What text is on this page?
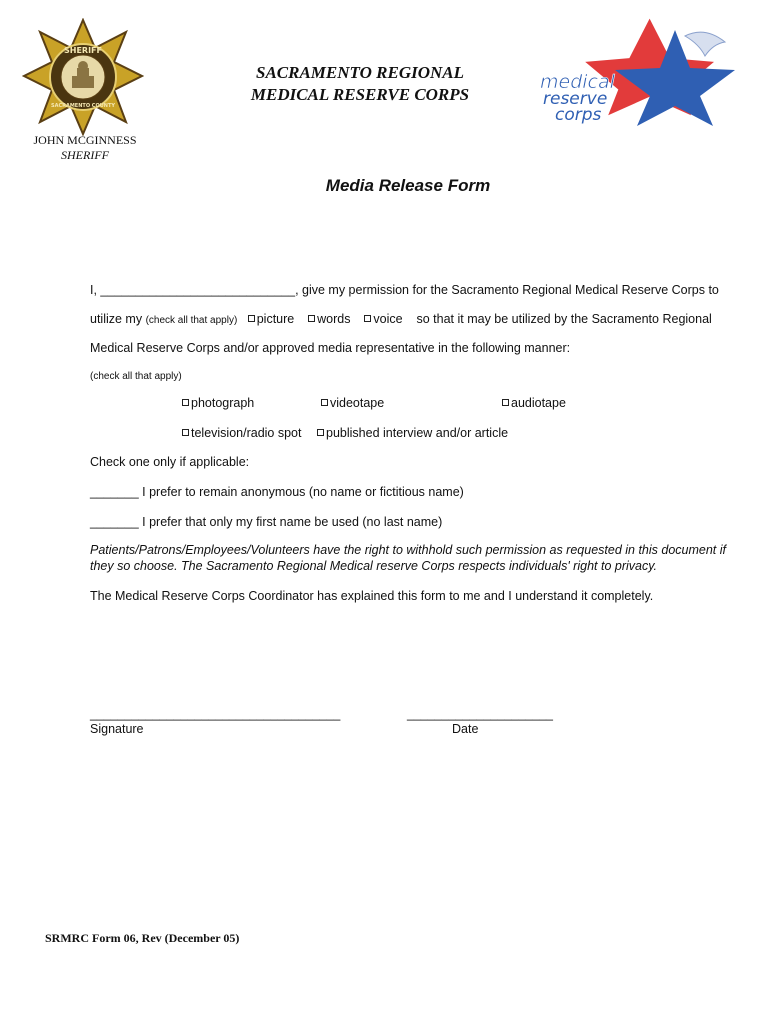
SHERIFF
SACRAMENTO COUNTY
SACRAMENTO REGIONAL
MEDICAL RESERVE CORPS
medical
reserve
corps
JOHN MCGINNESS
SHERIFF
Media Release Form
I, ____________________________, give my permission for the Sacramento Regional Medical Reserve Corps to
utilize my (check all that apply) picture words voice so that it may be utilized by the Sacramento Regional
Medical Reserve Corps and/or approved media representative in the following manner:
(check all that apply)
photograph	videotape	audiotape
television/radio spot	published interview and/or article
Check one only if applicable:
_______ I prefer to remain anonymous (no name or fictitious name)
_______ I prefer that only my first name be used (no last name)
Patients/Patrons/Employees/Volunteers have the right to withhold such permission as requested in this document if they so choose. The Sacramento Regional Medical reserve Corps respects individuals' right to privacy.
The Medical Reserve Corps Coordinator has explained this form to me and I understand it completely.
____________________________________	_____________________
Signature	Date
SRMRC Form 06, Rev (December 05)
